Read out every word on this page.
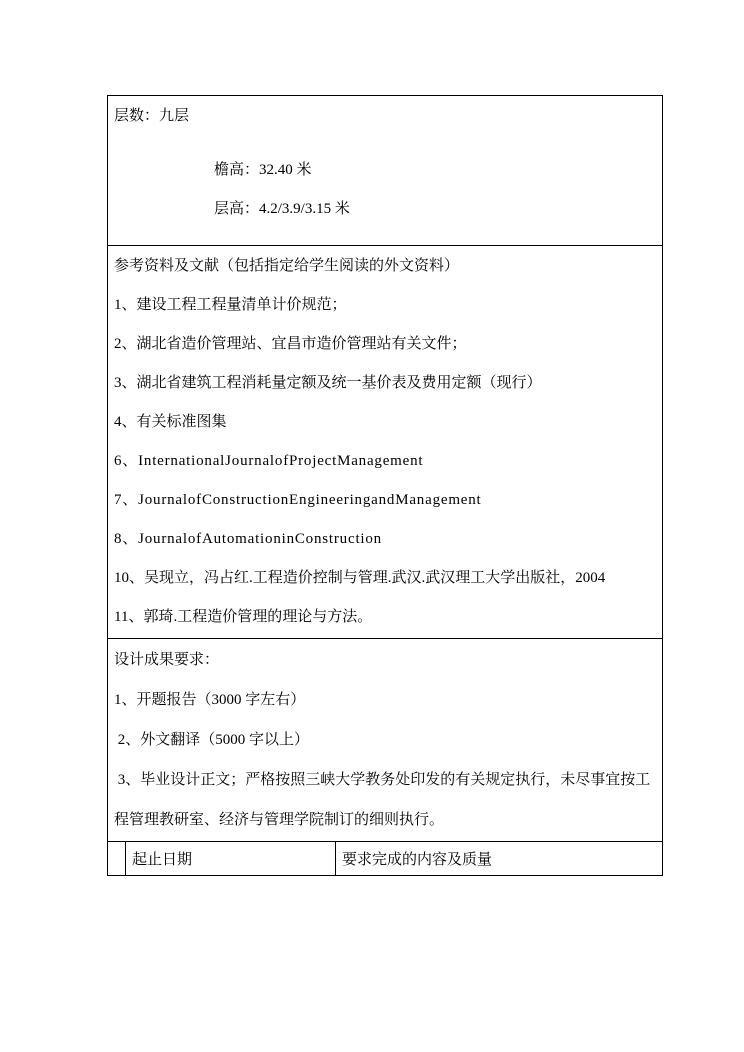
层数：九层

檐高：32.40 米

层高：4.2/3.9/3.15 米

参考资料及文献（包括指定给学生阅读的外文资料）

1、建设工程工程量清单计价规范；

2、湖北省造价管理站、宜昌市造价管理站有关文件；

3、湖北省建筑工程消耗量定额及统一基价表及费用定额（现行）

4、有关标准图集

6、InternationalJournalofProjectManagement

7、JournalofConstructionEngineeringandManagement

8、JournalofAutomationinConstruction

10、吴现立，冯占红.工程造价控制与管理.武汉.武汉理工大学出版社，2004

11、郭琦.工程造价管理的理论与方法。

设计成果要求：

1、开题报告（3000 字左右）

2、外文翻译（5000 字以上）

3、毕业设计正文；严格按照三峡大学教务处印发的有关规定执行，未尽事宜按工程管理教研室、经济与管理学院制订的细则执行。

	起止日期	要求完成的内容及质量
